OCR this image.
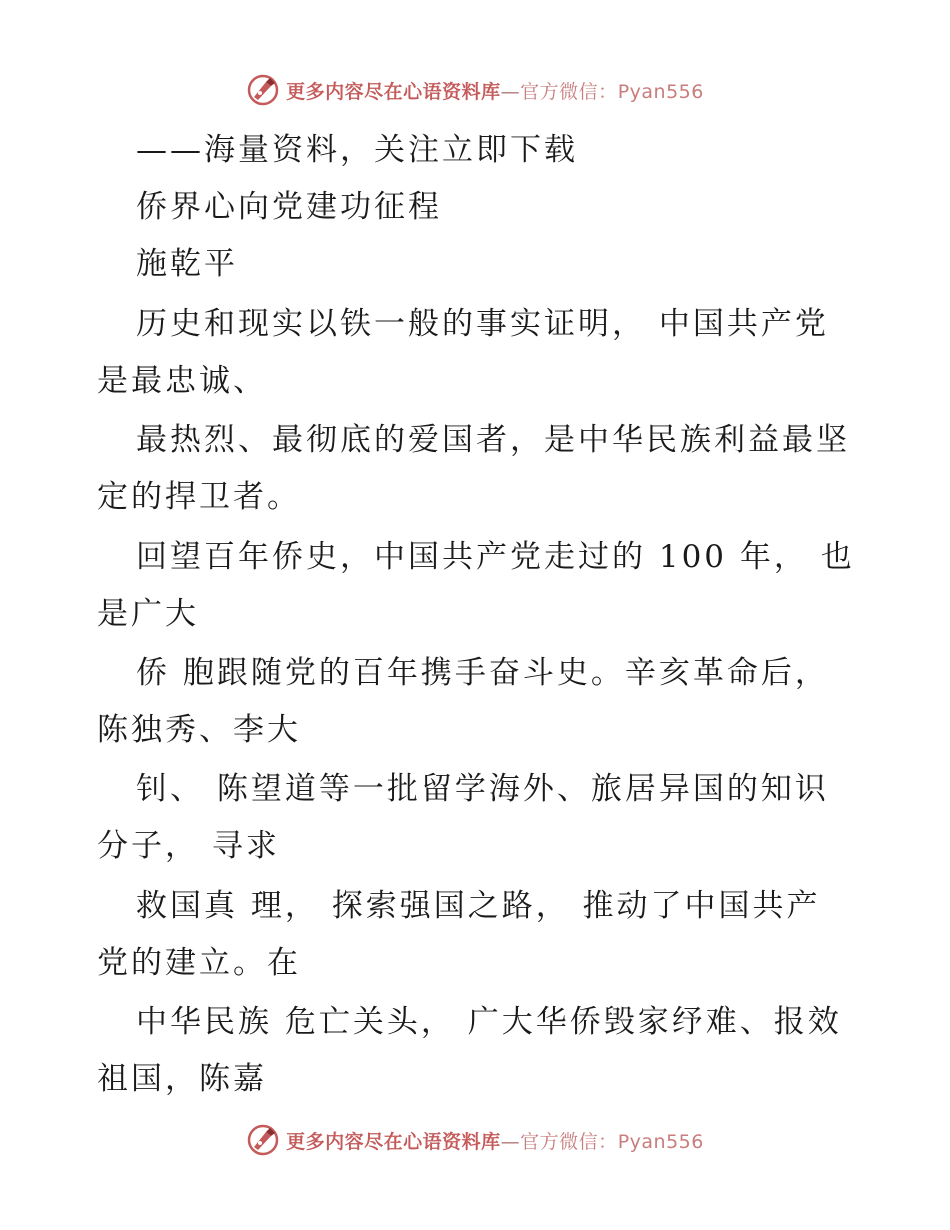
更多内容尽在心语资料库—官方微信：Pyan556
——海量资料，关注立即下载
侨界心向党建功征程
施乾平
历史和现实以铁一般的事实证明， 中国共产党
是最忠诚、
最热烈、最彻底的爱国者，是中华民族利益最坚
定的捍卫者。
回望百年侨史，中国共产党走过的 100 年， 也
是广大
侨 胞跟随党的百年携手奋斗史。辛亥革命后，
陈独秀、李大
钊、 陈望道等一批留学海外、旅居异国的知识
分子， 寻求
救国真 理， 探索强国之路， 推动了中国共产
党的建立。在
中华民族 危亡关头， 广大华侨毁家纾难、报效
祖国，陈嘉
更多内容尽在心语资料库—官方微信：Pyan556
